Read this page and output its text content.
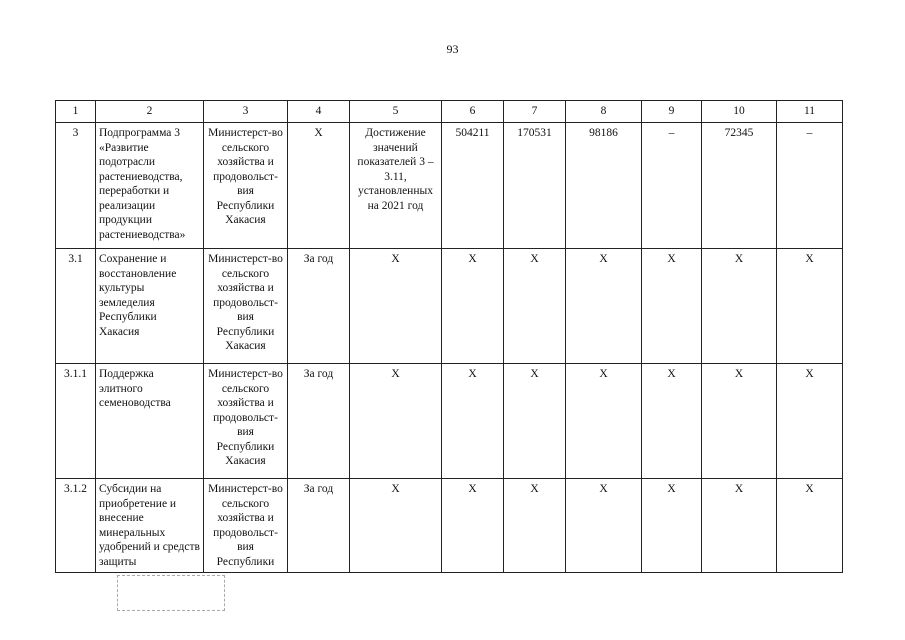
93
1	2	3	4	5	6	7	8	9	10	11
3	Подпрограмма 3 «Развитие подотрасли растениеводства, переработки и реализации продукции растениеводства»	Министерст-во сельского хозяйства и продовольст-вия Республики Хакасия	Х	Достижение значений показателей 3 – 3.11, установленных на 2021 год	504211	170531	98186	–	72345	–
3.1	Сохранение и восстановление культуры земледелия Республики Хакасия	Министерст-во сельского хозяйства и продовольст-вия Республики Хакасия	За год	Х	Х	Х	Х	Х	Х	Х
3.1.1	Поддержка элитного семеноводства	Министерст-во сельского хозяйства и продовольст-вия Республики Хакасия	За год	Х	Х	Х	Х	Х	Х	Х
3.1.2	Субсидии на приобретение и внесение минеральных удобрений и средств защиты	Министерст-во сельского хозяйства и продовольст-вия Республики	За год	Х	Х	Х	Х	Х	Х	Х
